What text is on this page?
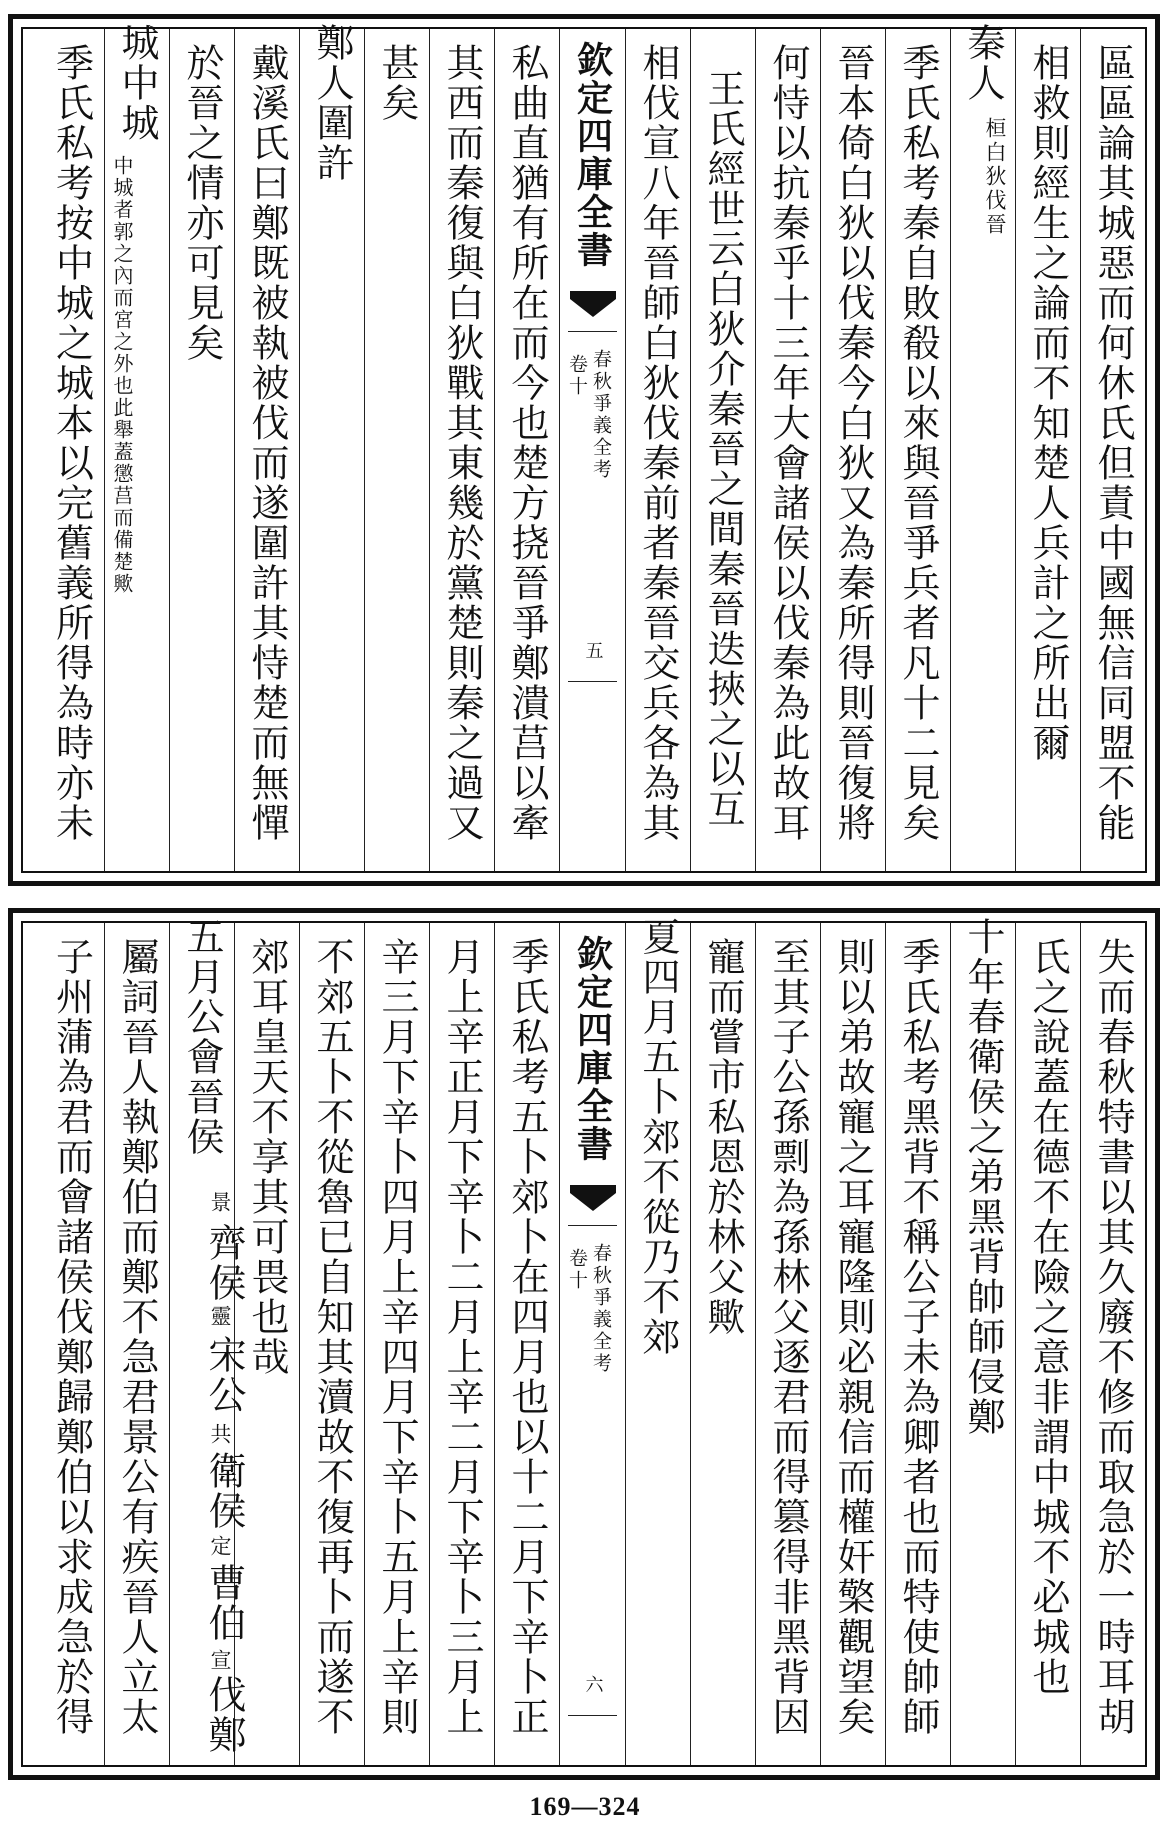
區區論其城惡而何休氏但責中國無信同盟不能
相救則經生之論而不知楚人兵計之所出爾
秦人
桓白狄伐晉
季氏私考秦自敗殽以來與晉爭兵者凡十二見矣
晉本倚白狄以伐秦今白狄又為秦所得則晉復將
何恃以抗秦乎十三年大會諸侯以伐秦為此故耳
王氏經世云白狄介秦晉之間秦晉迭挾之以互
相伐宣八年晉師白狄伐秦前者秦晉交兵各為其
欽定四庫全書
春秋爭義全考
卷十
五
私曲直猶有所在而今也楚方挠晉爭鄭潰莒以牽
其西而秦復與白狄戰其東幾於黨楚則秦之過又
甚矣
鄭人圍許
戴溪氏曰鄭既被執被伐而遂圍許其恃楚而無憚
於晉之情亦可見矣
城中城
中城者郭之內而宮之外也此舉蓋懲莒而備楚歟
季氏私考按中城之城本以完舊義所得為時亦未
失而春秋特書以其久廢不修而取急於一時耳胡
氏之說蓋在德不在險之意非謂中城不必城也
十年春衛侯之弟黑背帥師侵鄭
季氏私考黑背不稱公子未為卿者也而特使帥師
則以弟故寵之耳寵隆則必親信而權奸檠觀望矣
至其子公孫剽為孫林父逐君而得篡得非黑背因
寵而嘗市私恩於林父歟
夏四月五卜郊不從乃不郊
欽定四庫全書
春秋爭義全考
卷十
六
季氏私考五卜郊卜在四月也以十二月下辛卜正
月上辛正月下辛卜二月上辛二月下辛卜三月上
辛三月下辛卜四月上辛四月下辛卜五月上辛則
不郊五卜不從魯已自知其瀆故不復再卜而遂不
郊耳皇天不享其可畏也哉
五月公會晉侯
景
齊侯
靈
宋公
共
衛侯
定
曹伯
宣
伐鄭
屬詞晉人執鄭伯而鄭不急君景公有疾晉人立太
子州蒲為君而會諸侯伐鄭歸鄭伯以求成急於得
169—324
